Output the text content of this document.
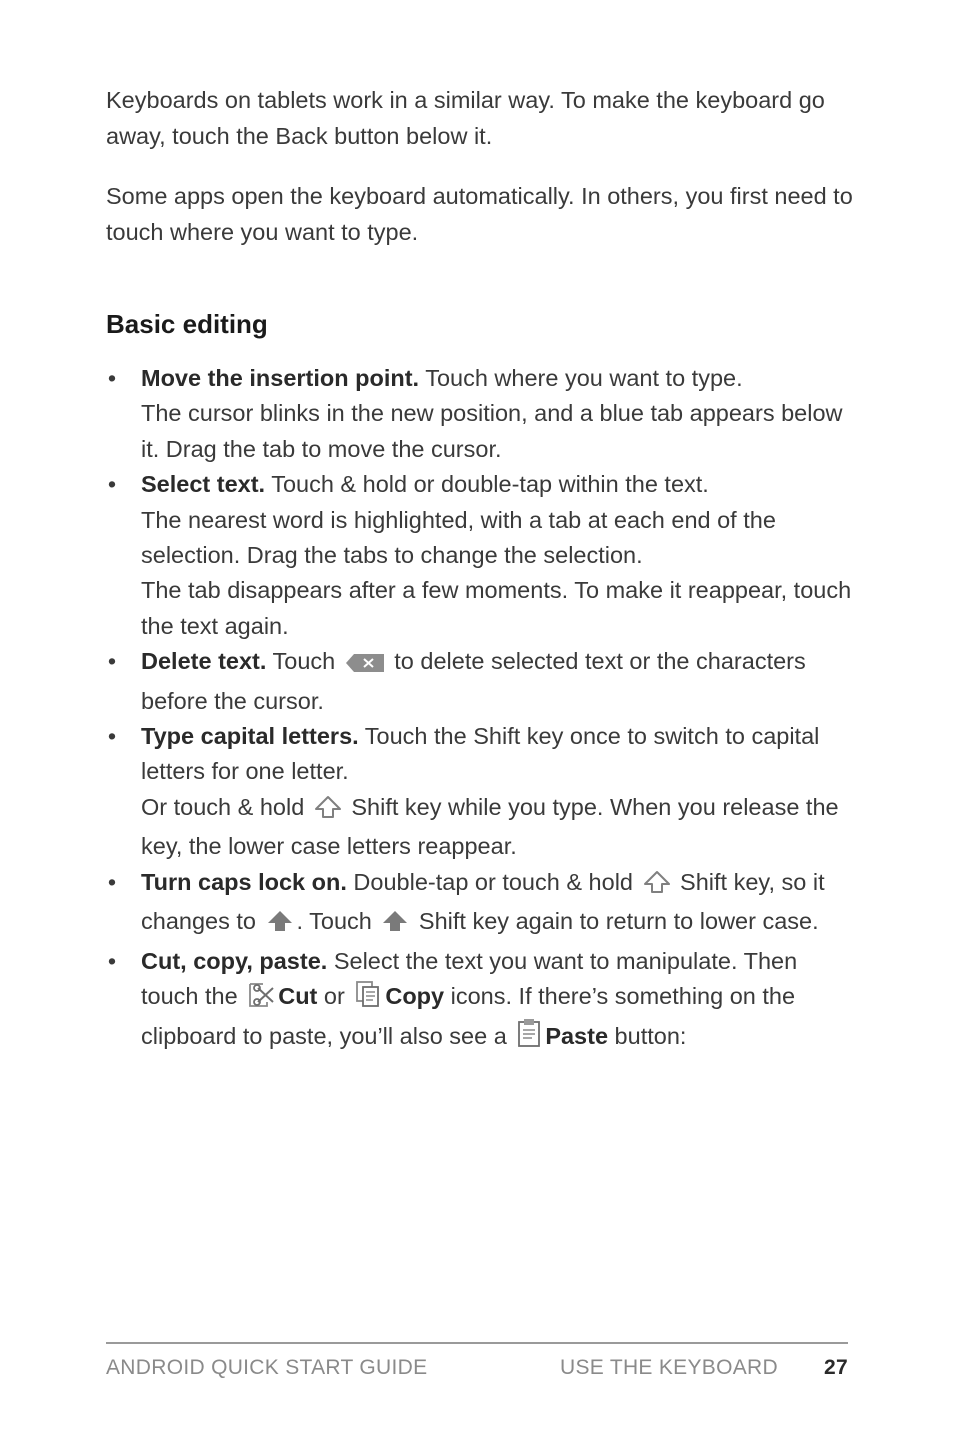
Keyboards on tablets work in a similar way. To make the keyboard go away, touch the Back button below it.

Some apps open the keyboard automatically. In others, you first need to touch where you want to type.

Basic editing
• Move the insertion point. Touch where you want to type.
The cursor blinks in the new position, and a blue tab appears below it. Drag the tab to move the cursor.
• Select text. Touch & hold or double-tap within the text.
The nearest word is highlighted, with a tab at each end of the selection. Drag the tabs to change the selection.
The tab disappears after a few moments. To make it reappear, touch the text again.
• Delete text. Touch  to delete selected text or the characters before the cursor.
• Type capital letters. Touch the Shift key once to switch to capital letters for one letter.
Or touch & hold  Shift key while you type. When you release the key, the lower case letters reappear.
• Turn caps lock on. Double-tap or touch & hold  Shift key, so it changes to . Touch  Shift key again to return to lower case.
• Cut, copy, paste. Select the text you want to manipulate. Then touch the Cut or Copy icons. If there’s something on the clipboard to paste, you’ll also see a Paste button:
ANDROID QUICK START GUIDE	USE THE KEYBOARD 27
